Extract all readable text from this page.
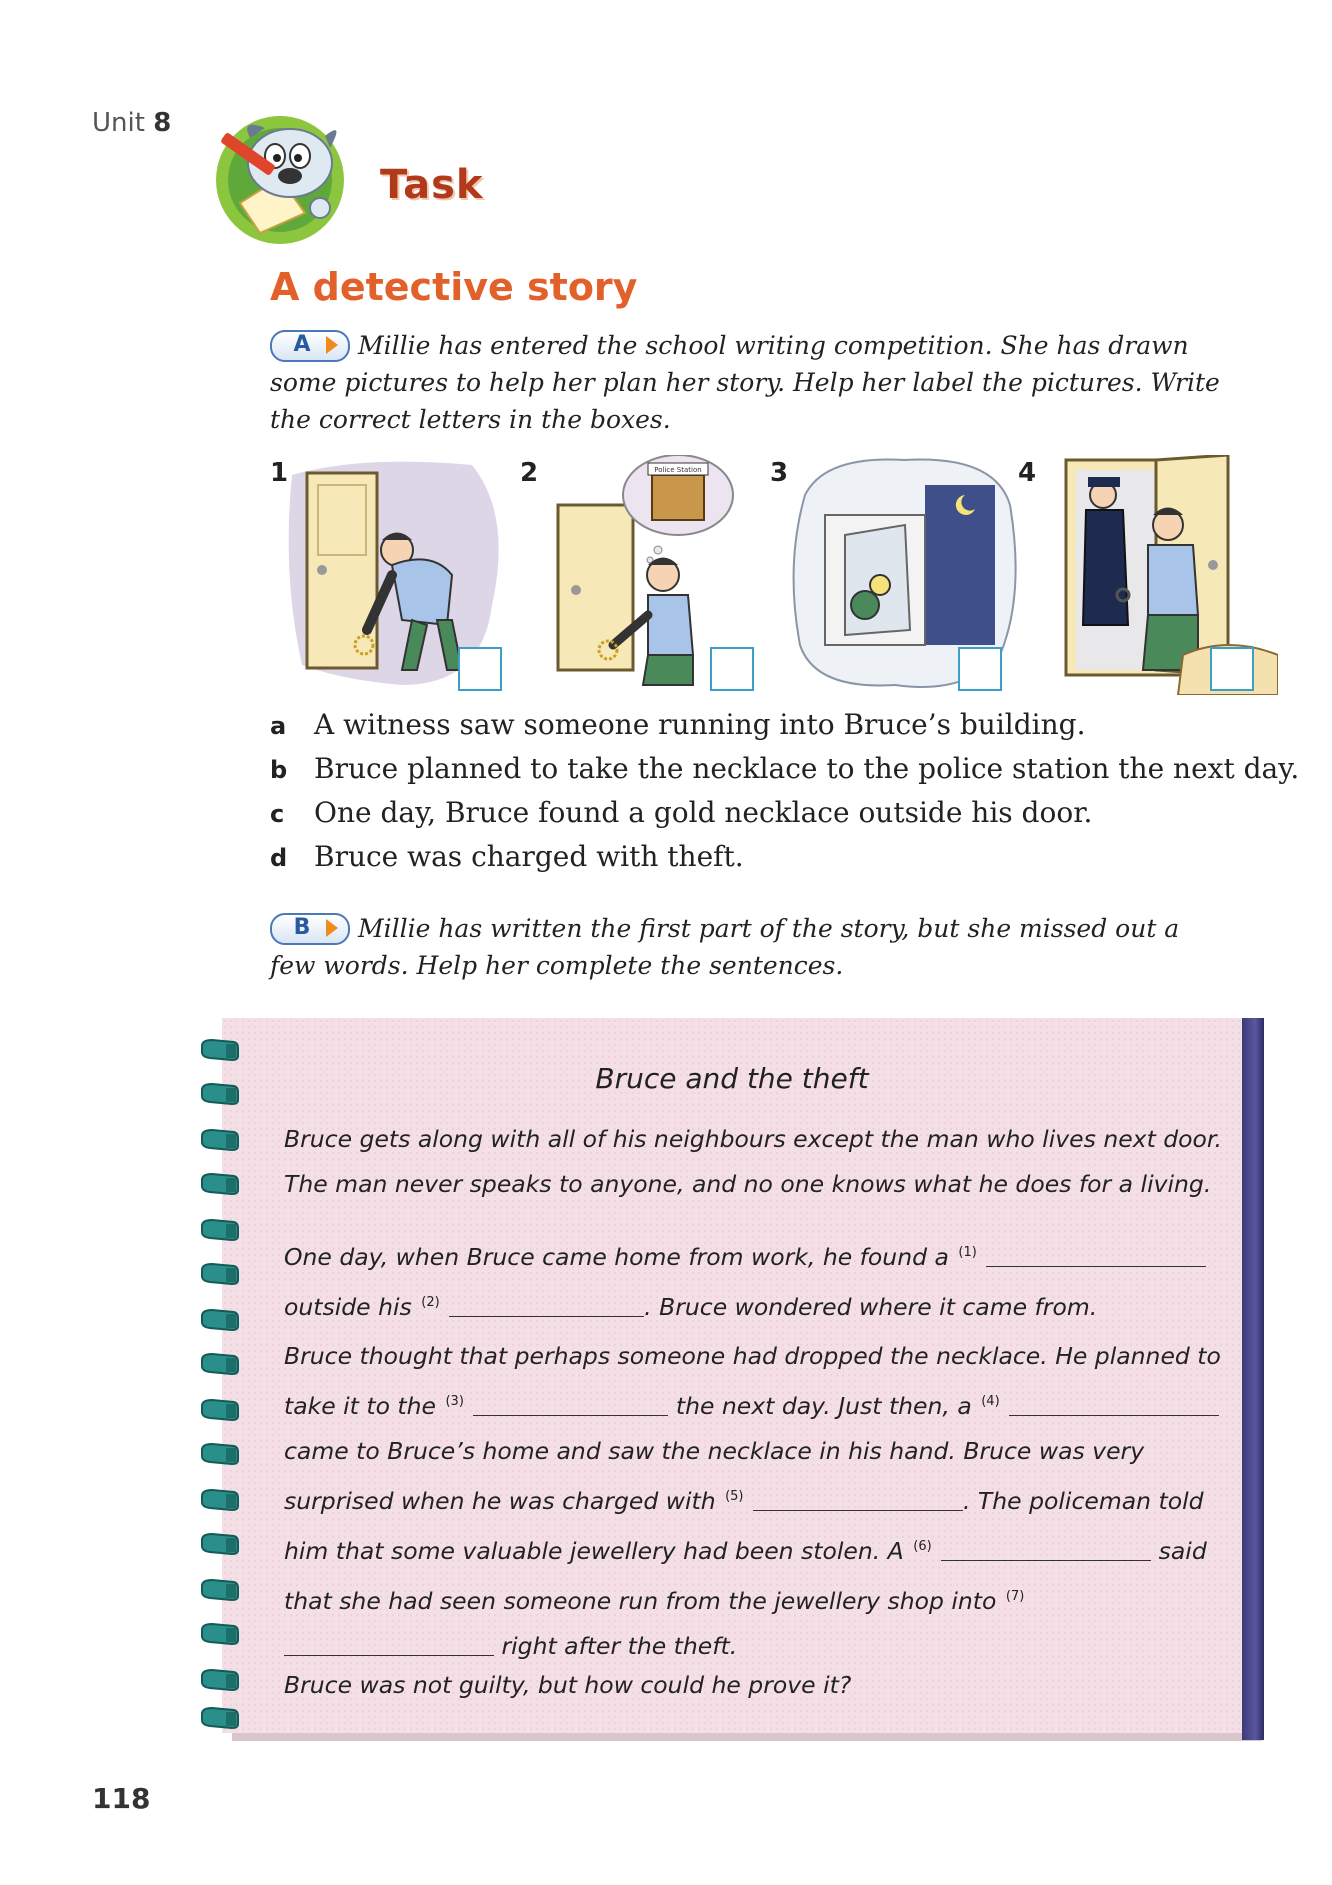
Unit 8
Task
A detective story
A	Millie has entered the school writing competition. She has drawn some pictures to help her plan her story. Help her label the pictures. Write the correct letters in the boxes.
1	2	3	4
Police Station
a A witness saw someone running into Bruce’s building.
b Bruce planned to take the necklace to the police station the next day.
c One day, Bruce found a gold necklace outside his door.
d Bruce was charged with theft.
B	Millie has written the first part of the story, but she missed out a few words. Help her complete the sentences.
Bruce and the theft
Bruce gets along with all of his neighbours except the man who lives next door. The man never speaks to anyone, and no one knows what he does for a living.
One day, when Bruce came home from work, he found a $^{(1)}$  outside his $^{(2)}$	. Bruce wondered where it came from.
Bruce thought that perhaps someone had dropped the necklace. He planned to take it to the $^{(3)}$	the next day. Just then, a $^{(4)}$  came to Bruce’s home and saw the necklace in his hand. Bruce was very surprised when he was charged with $^{(5)}$	. The policeman told him that some valuable jewellery had been stolen. A $^{(6)}$	said that she had seen someone run from the jewellery shop into $^{(7)}$  right after the theft.
Bruce was not guilty, but how could he prove it?
118
